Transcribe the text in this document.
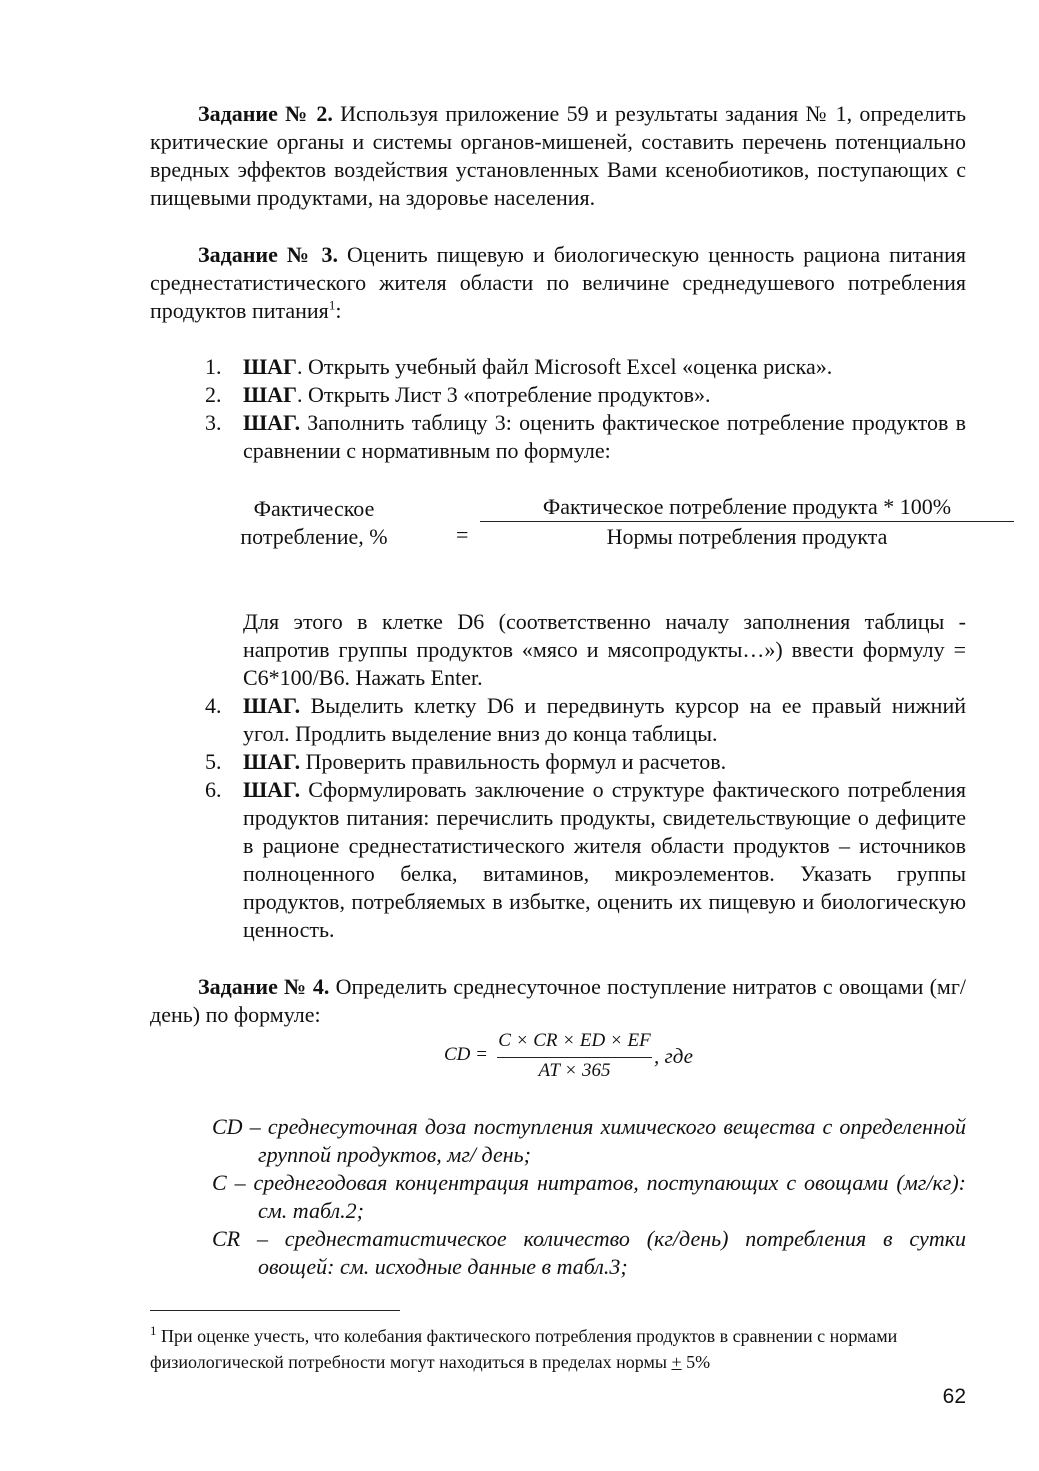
Задание № 2. Используя приложение 59 и результаты задания № 1, определить критические органы и системы органов-мишеней, составить перечень потенциально вредных эффектов воздействия установленных Вами ксенобиотиков, поступающих с пищевыми продуктами, на здоровье населения.

Задание № 3. Оценить пищевую и биологическую ценность рациона питания среднестатистического жителя области по величине среднедушевого потребления продуктов питания$^1$:

1. ШАГ. Открыть учебный файл Microsoft Excel «оценка риска».
2. ШАГ. Открыть Лист 3 «потребление продуктов».
3. ШАГ. Заполнить таблицу 3: оценить фактическое потребление продуктов в сравнении с нормативным по формуле:
Фактическое
потребление, %	=
Фактическое потребление продукта * 100%
Нормы потребления продукта

Для этого в клетке D6 (соответственно началу заполнения таблицы - напротив группы продуктов «мясо и мясопродукты…») ввести формулу = C6*100/B6. Нажать Enter.

4. ШАГ. Выделить клетку D6 и передвинуть курсор на ее правый нижний угол. Продлить выделение вниз до конца таблицы.
5. ШАГ. Проверить правильность формул и расчетов.
6. ШАГ. Сформулировать заключение о структуре фактического потребления продуктов питания: перечислить продукты, свидетельствующие о дефиците в рационе среднестатистического жителя области продуктов – источников полноценного белка, витаминов, микроэлементов. Указать группы продуктов, потребляемых в избытке, оценить их пищевую и биологическую ценность.

Задание № 4. Определить среднесуточное поступление нитратов с овощами (мг/день) по формуле:

CD =
C × CR × ED × EF
AT × 365
, где

CD – среднесуточная доза поступления химического вещества с определенной группой продуктов, мг/ день;

C – среднегодовая концентрация нитратов, поступающих с овощами (мг/кг): см. табл.2;

CR – среднестатистическое количество (кг/день) потребления в сутки овощей: см. исходные данные в табл.3;

$^1$ При оценке учесть, что колебания фактического потребления продуктов в сравнении с нормами физиологической потребности могут находиться в пределах нормы + 5%
62
